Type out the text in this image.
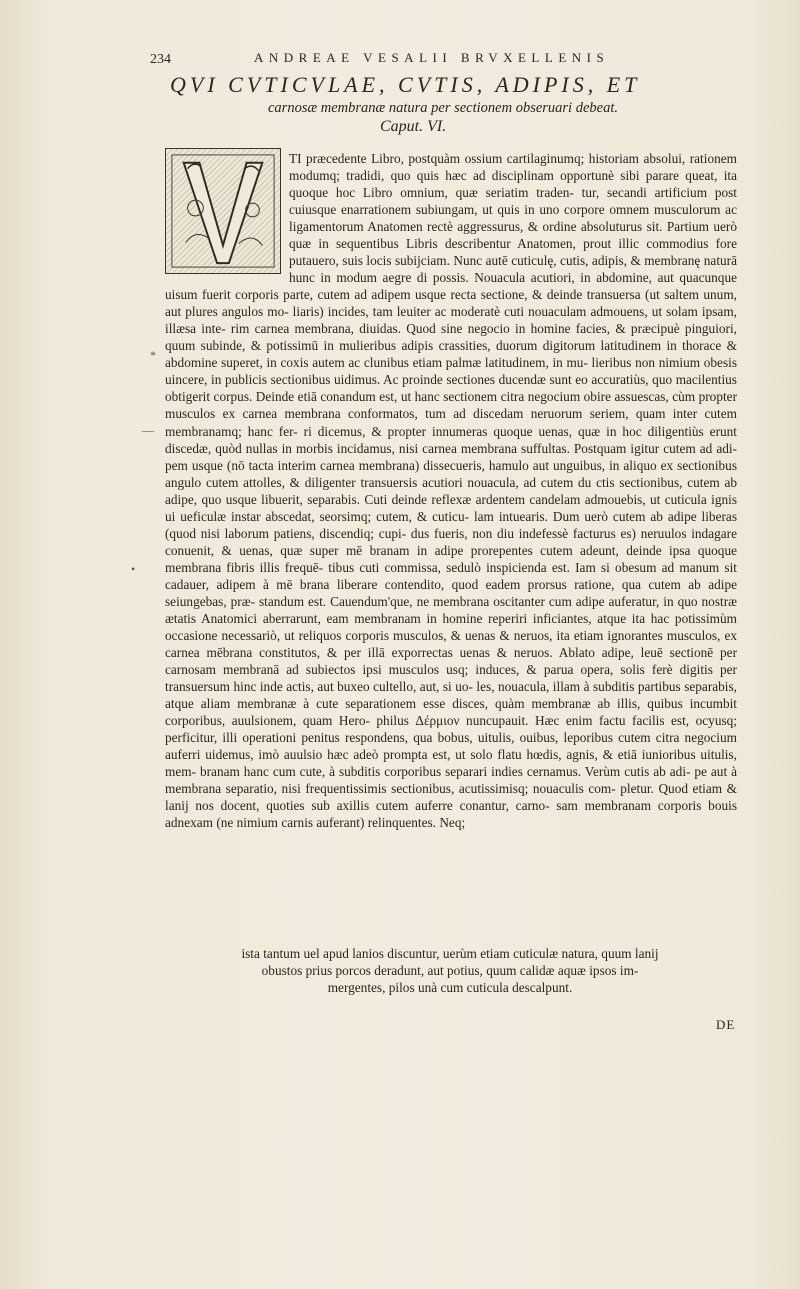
234	ANDREAE VESALII BRVXELLENIS
QVI CVTICVLAE, CVTIS, ADIPIS, ET
carnosæ membranæ natura per sectionem obseruari debeat.
Caput. VI.
TI præcedente Libro, postquàm ossium cartilaginumq; historiam absolui, rationem modumq; tradidi, quo quis hæc ad disciplinam opportunè sibi parare queat, ita quoque hoc Libro omnium, quæ seriatim traden- tur, secandi artificium post cuiusque enarrationem subiungam, ut quis in uno corpore omnem musculorum ac ligamentorum Anatomen rectè aggressurus, & ordine absoluturus sit. Partium uerò quæ in sequentibus Libris describentur Anatomen, prout illic commodius fore putauero, suis locis subijciam. Nunc autē cuticulę, cutis, adipis, & membranę naturā hunc in modum aegre di possis. Nouacula acutiori, in abdomine, aut quacunque uisum fuerit corporis parte, cutem ad adipem usque recta sectione, & deinde transuersa (ut saltem unum, aut plures angulos mo- liaris) incides, tam leuiter ac moderatè cuti nouaculam admouens, ut solam ipsam, illæsa inte- rim carnea membrana, diuidas. Quod sine negocio in homine facies, & præcipuè pinguiori, quum subinde, & potissimū in mulieribus adipis crassities, duorum digitorum latitudinem in thorace & abdomine superet, in coxis autem ac clunibus etiam palmæ latitudinem, in mu- lieribus non nimium obesis uincere, in publicis sectionibus uidimus. Ac proinde sectiones ducendæ sunt eo accuratiùs, quo macilentius obtigerit corpus. Deinde etiā conandum est, ut hanc sectionem citra negocium obire assuescas, cùm propter musculos ex carnea membrana conformatos, tum ad discedam neruorum seriem, quam inter cutem membranamq; hanc fer- ri dicemus, & propter innumeras quoque uenas, quæ in hoc diligentiùs erunt discedæ, quòd nullas in morbis incidamus, nisi carnea membrana suffultas. Postquam igitur cutem ad adi- pem usque (nō tacta interim carnea membrana) dissecueris, hamulo aut unguibus, in aliquo ex sectionibus angulo cutem attolles, & diligenter transuersis acutiori nouacula, ad cutem du ctis sectionibus, cutem ab adipe, quo usque libuerit, separabis. Cuti deinde reflexæ ardentem candelam admouebis, ut cuticula ignis ui ueficulæ instar abscedat, seorsimq; cutem, & cuticu- lam intuearis. Dum uerò cutem ab adipe liberas (quod nisi laborum patiens, discendiq; cupi- dus fueris, non diu indefessè facturus es) neruulos indagare conuenit, & uenas, quæ super mē branam in adipe prorepentes cutem adeunt, deinde ipsa quoque membrana fibris illis frequē- tibus cuti commissa, sedulò inspicienda est. Iam si obesum ad manum sit cadauer, adipem à mē brana liberare contendito, quod eadem prorsus ratione, qua cutem ab adipe seiungebas, præ- standum est. Cauendum'que, ne membrana oscitanter cum adipe auferatur, in quo nostræ ætatis Anatomici aberrarunt, eam membranam in homine reperiri inficiantes, atque ita hac potissimùm occasione necessariò, ut reliquos corporis musculos, & uenas & neruos, ita etiam ignorantes musculos, ex carnea mēbrana constitutos, & per illā exporrectas uenas & neruos. Ablato adipe, leuē sectionē per carnosam membranā ad subiectos ipsi musculos usq; induces, & parua opera, solis ferè digitis per transuersum hinc inde actis, aut buxeo cultello, aut, si uo- les, nouacula, illam à subditis partibus separabis, atque aliam membranæ à cute separationem esse disces, quàm membranæ ab illis, quibus incumbit corporibus, auulsionem, quam Hero- philus Δέρμιον nuncupauit. Hæc enim factu facilis est, ocyusq; perficitur, illi operationi penitus respondens, qua bobus, uitulis, ouibus, leporibus cutem citra negocium auferri uidemus, imò auulsio hæc adeò prompta est, ut solo flatu hœdis, agnis, & etiā iunioribus uitulis, mem- branam hanc cum cute, à subditis corporibus separari indies cernamus. Verùm cutis ab adi- pe aut à membrana separatio, nisi frequentissimis sectionibus, acutissimisq; nouaculis com- pletur. Quod etiam & lanij nos docent, quoties sub axillis cutem auferre conantur, carno- sam membranam corporis bouis adnexam (ne nimium carnis auferant) relinquentes. Neq;
ista tantum uel apud lanios discuntur, uerùm etiam cuticulæ natura, quum lanij
obustos prius porcos deradunt, aut potius, quum calidæ aquæ ipsos im-
mergentes, pilos unà cum cuticula descalpunt.
DE
*
—
•
